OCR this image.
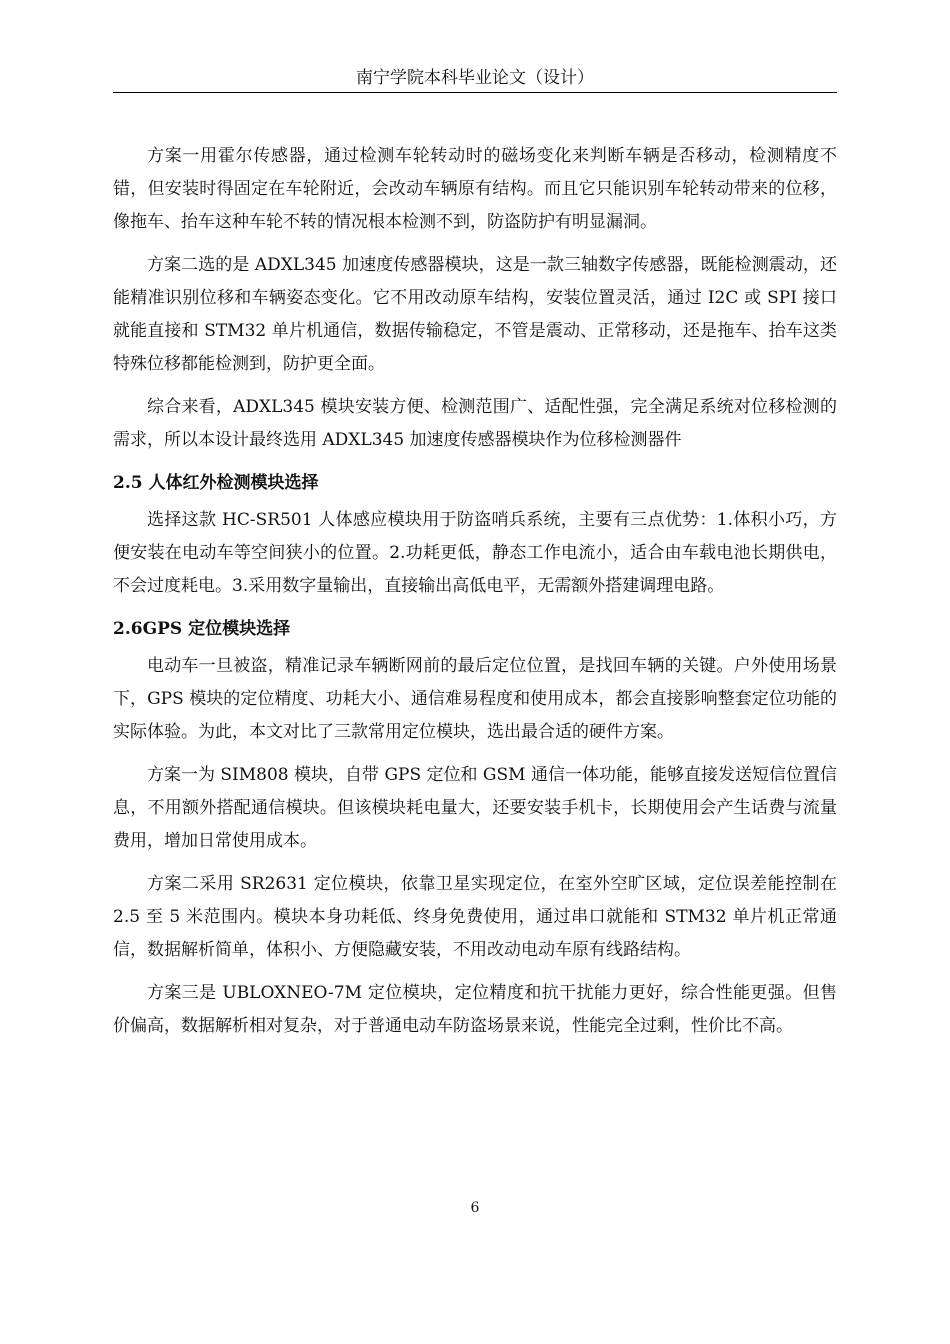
南宁学院本科毕业论文（设计）

方案一用霍尔传感器，通过检测车轮转动时的磁场变化来判断车辆是否移动，检测精度不错，但安装时得固定在车轮附近，会改动车辆原有结构。而且它只能识别车轮转动带来的位移，像拖车、抬车这种车轮不转的情况根本检测不到，防盗防护有明显漏洞。

方案二选的是 ADXL345 加速度传感器模块，这是一款三轴数字传感器，既能检测震动，还能精准识别位移和车辆姿态变化。它不用改动原车结构，安装位置灵活，通过 I2C 或 SPI 接口就能直接和 STM32 单片机通信，数据传输稳定，不管是震动、正常移动，还是拖车、抬车这类特殊位移都能检测到，防护更全面。

综合来看，ADXL345 模块安装方便、检测范围广、适配性强，完全满足系统对位移检测的需求，所以本设计最终选用 ADXL345 加速度传感器模块作为位移检测器件

2.5 人体红外检测模块选择

选择这款 HC-SR501 人体感应模块用于防盗哨兵系统，主要有三点优势：1.体积小巧，方便安装在电动车等空间狭小的位置。2.功耗更低，静态工作电流小，适合由车载电池长期供电，不会过度耗电。3.采用数字量输出，直接输出高低电平，无需额外搭建调理电路。

2.6GPS 定位模块选择

电动车一旦被盗，精准记录车辆断网前的最后定位位置，是找回车辆的关键。户外使用场景下，GPS 模块的定位精度、功耗大小、通信难易程度和使用成本，都会直接影响整套定位功能的实际体验。为此，本文对比了三款常用定位模块，选出最合适的硬件方案。

方案一为 SIM808 模块，自带 GPS 定位和 GSM 通信一体功能，能够直接发送短信位置信息，不用额外搭配通信模块。但该模块耗电量大，还要安装手机卡，长期使用会产生话费与流量费用，增加日常使用成本。

方案二采用 SR2631 定位模块，依靠卫星实现定位，在室外空旷区域，定位误差能控制在 2.5 至 5 米范围内。模块本身功耗低、终身免费使用，通过串口就能和 STM32 单片机正常通信，数据解析简单，体积小、方便隐藏安装，不用改动电动车原有线路结构。

方案三是 UBLOXNEO-7M 定位模块，定位精度和抗干扰能力更好，综合性能更强。但售价偏高，数据解析相对复杂，对于普通电动车防盗场景来说，性能完全过剩，性价比不高。

6
